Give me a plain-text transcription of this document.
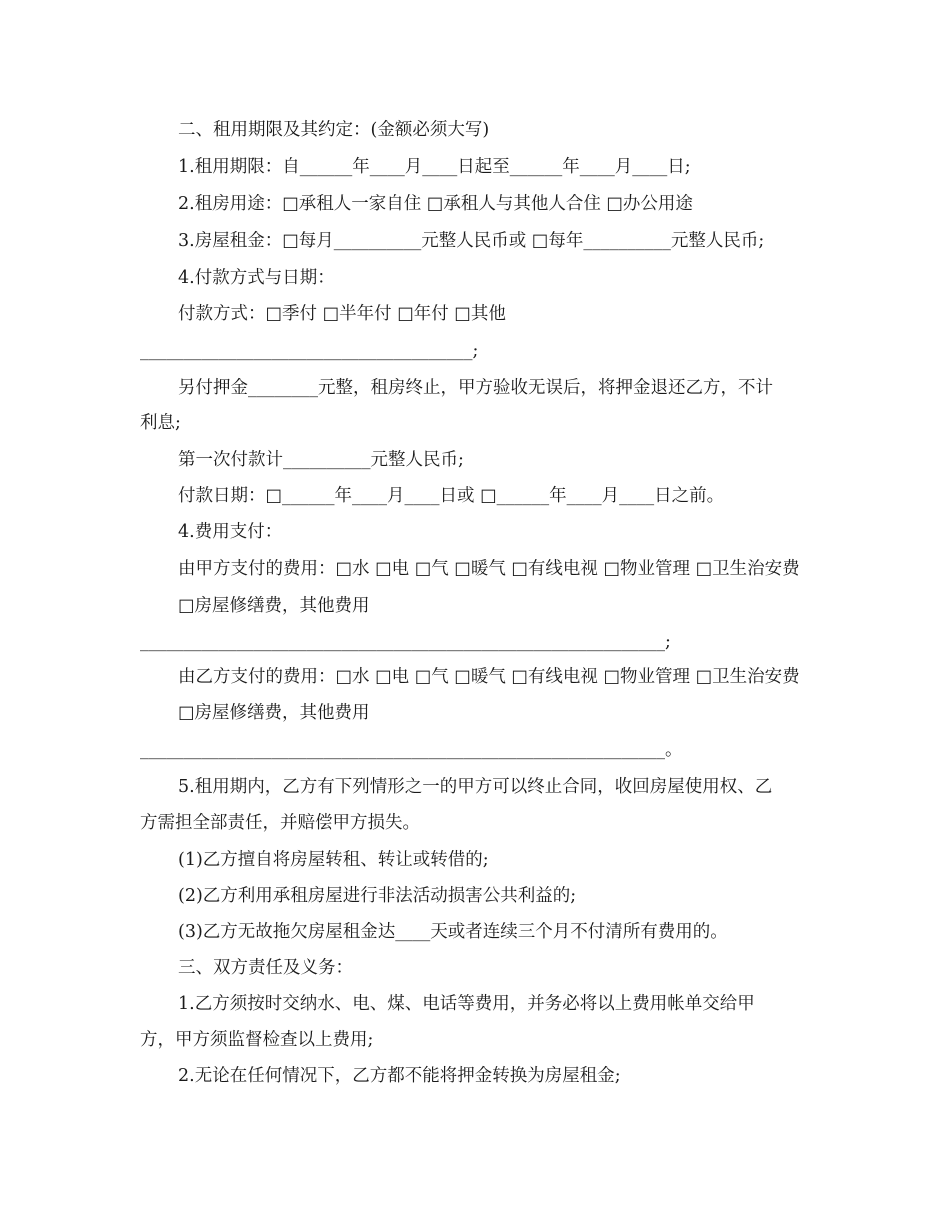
二、租用期限及其约定：(金额必须大写)
1.租用期限：自______年____月____日起至______年____月____日;
2.租房用途：□承租人一家自住 □承租人与其他人合住 □办公用途
3.房屋租金：□每月__________元整人民币或 □每年__________元整人民币;
4.付款方式与日期：
付款方式：□季付 □半年付 □年付 □其他
______________________________________;
另付押金________元整，租房终止，甲方验收无误后，将押金退还乙方，不计
利息;
第一次付款计__________元整人民币;
付款日期：□______年____月____日或 □______年____月____日之前。
4.费用支付：
由甲方支付的费用：□水 □电 □气 □暖气 □有线电视 □物业管理 □卫生治安费
□房屋修缮费，其他费用
____________________________________________________________;
由乙方支付的费用：□水 □电 □气 □暖气 □有线电视 □物业管理 □卫生治安费
□房屋修缮费，其他费用
____________________________________________________________。
5.租用期内，乙方有下列情形之一的甲方可以终止合同，收回房屋使用权、乙
方需担全部责任，并赔偿甲方损失。
(1)乙方擅自将房屋转租、转让或转借的;
(2)乙方利用承租房屋进行非法活动损害公共利益的;
(3)乙方无故拖欠房屋租金达____天或者连续三个月不付清所有费用的。
三、双方责任及义务：
1.乙方须按时交纳水、电、煤、电话等费用，并务必将以上费用帐单交给甲
方，甲方须监督检查以上费用;
2.无论在任何情况下，乙方都不能将押金转换为房屋租金;
